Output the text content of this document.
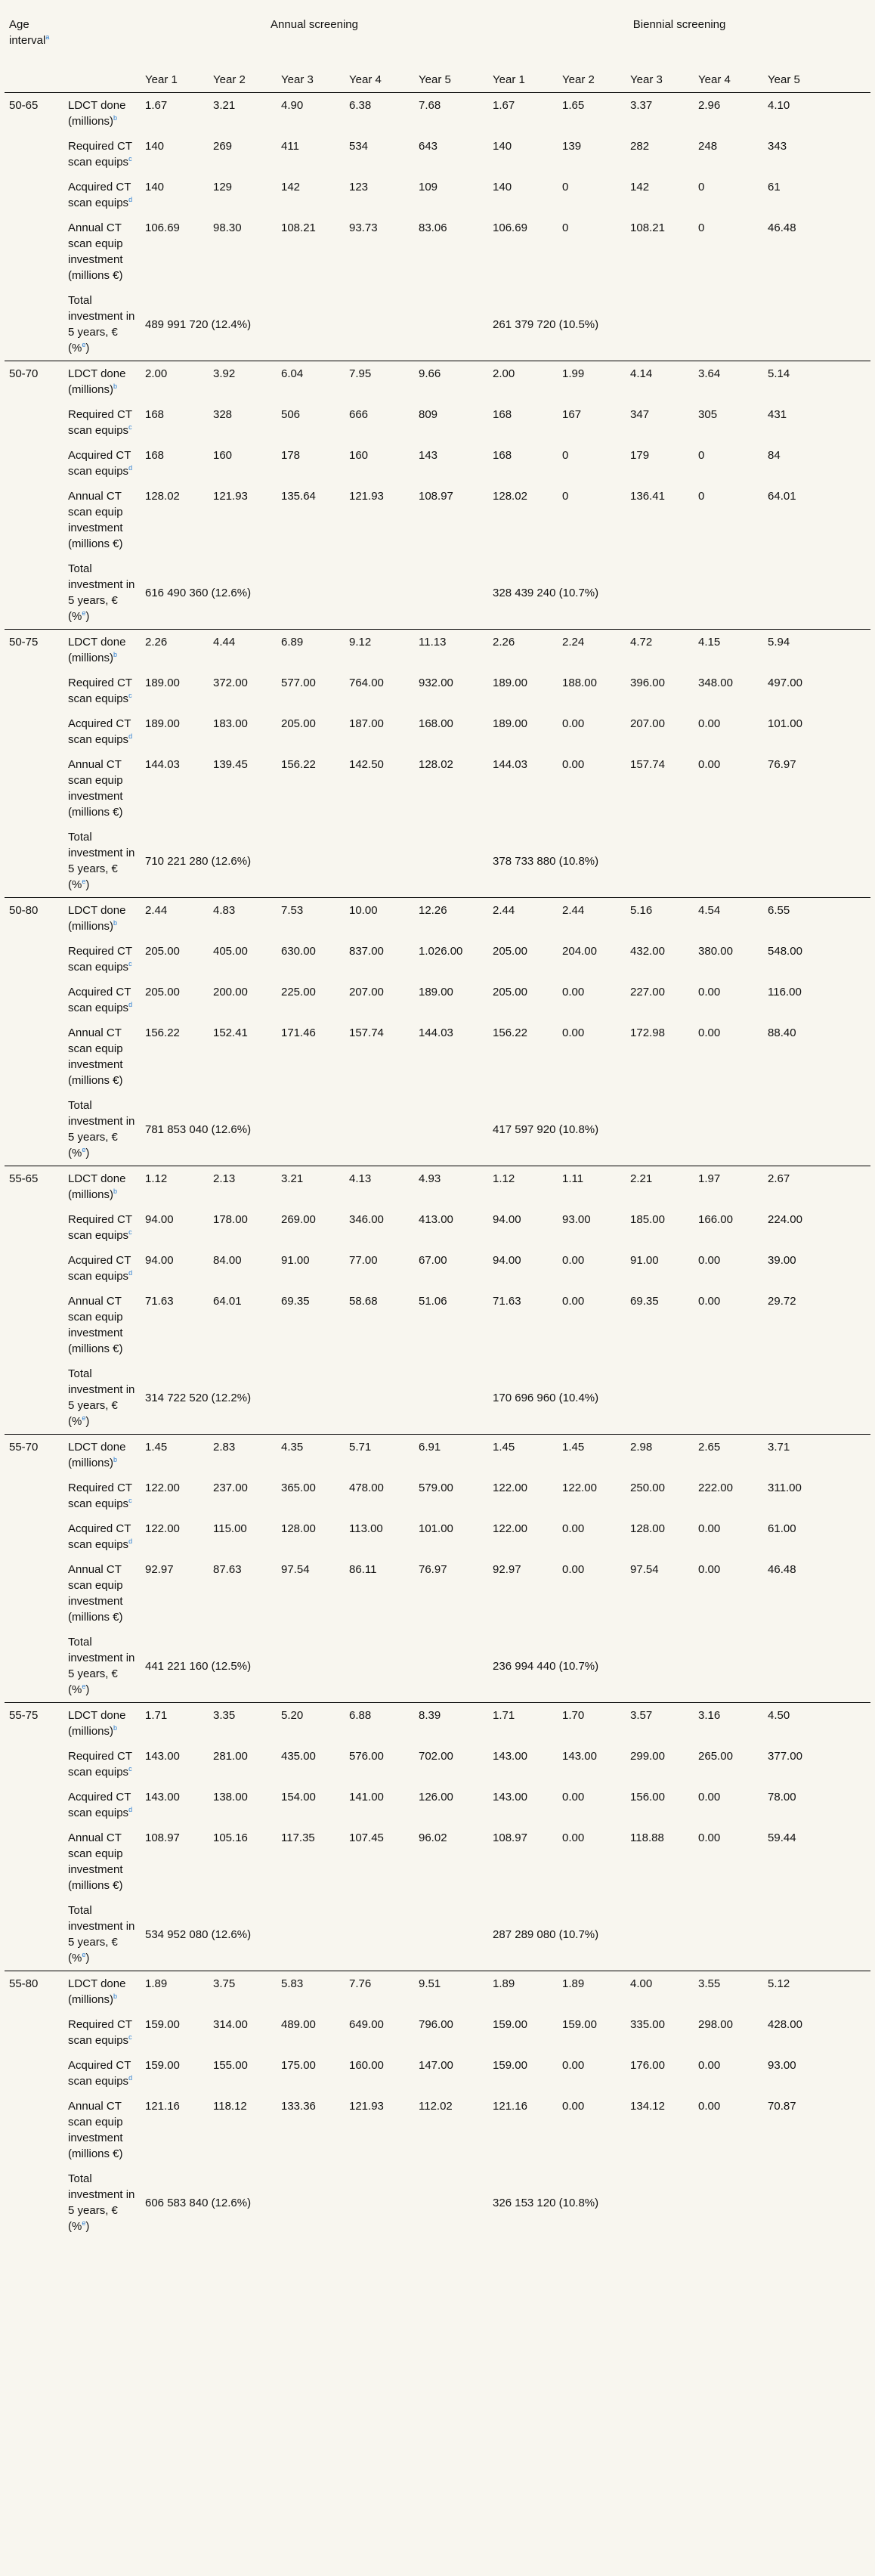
Age interval$^a$		Annual screening					Biennial screening				
		Year 1	Year 2	Year 3	Year 4	Year 5	Year 1	Year 2	Year 3	Year 4	Year 5
50-65	LDCT done (millions)$^b$	1.67	3.21	4.90	6.38	7.68	1.67	1.65	3.37	2.96	4.10
	Required CT scan equips$^c$	140	269	411	534	643	140	139	282	248	343
	Acquired CT scan equips$^d$	140	129	142	123	109	140	0	142	0	61
	Annual CT scan equip investment (millions €)	106.69	98.30	108.21	93.73	83.06	106.69	0	108.21	0	46.48
	Total investment in 5 years, € (%$^e$)	489 991 720 (12.4%)					261 379 720 (10.5%)				
50-70	LDCT done (millions)$^b$	2.00	3.92	6.04	7.95	9.66	2.00	1.99	4.14	3.64	5.14
	Required CT scan equips$^c$	168	328	506	666	809	168	167	347	305	431
	Acquired CT scan equips$^d$	168	160	178	160	143	168	0	179	0	84
	Annual CT scan equip investment (millions €)	128.02	121.93	135.64	121.93	108.97	128.02	0	136.41	0	64.01
	Total investment in 5 years, € (%$^e$)	616 490 360 (12.6%)					328 439 240 (10.7%)				
50-75	LDCT done (millions)$^b$	2.26	4.44	6.89	9.12	11.13	2.26	2.24	4.72	4.15	5.94
	Required CT scan equips$^c$	189.00	372.00	577.00	764.00	932.00	189.00	188.00	396.00	348.00	497.00
	Acquired CT scan equips$^d$	189.00	183.00	205.00	187.00	168.00	189.00	0.00	207.00	0.00	101.00
	Annual CT scan equip investment (millions €)	144.03	139.45	156.22	142.50	128.02	144.03	0.00	157.74	0.00	76.97
	Total investment in 5 years, € (%$^e$)	710 221 280 (12.6%)					378 733 880 (10.8%)				
50-80	LDCT done (millions)$^b$	2.44	4.83	7.53	10.00	12.26	2.44	2.44	5.16	4.54	6.55
	Required CT scan equips$^c$	205.00	405.00	630.00	837.00	1.026.00	205.00	204.00	432.00	380.00	548.00
	Acquired CT scan equips$^d$	205.00	200.00	225.00	207.00	189.00	205.00	0.00	227.00	0.00	116.00
	Annual CT scan equip investment (millions €)	156.22	152.41	171.46	157.74	144.03	156.22	0.00	172.98	0.00	88.40
	Total investment in 5 years, € (%$^e$)	781 853 040 (12.6%)					417 597 920 (10.8%)				
55-65	LDCT done (millions)$^b$	1.12	2.13	3.21	4.13	4.93	1.12	1.11	2.21	1.97	2.67
	Required CT scan equips$^c$	94.00	178.00	269.00	346.00	413.00	94.00	93.00	185.00	166.00	224.00
	Acquired CT scan equips$^d$	94.00	84.00	91.00	77.00	67.00	94.00	0.00	91.00	0.00	39.00
	Annual CT scan equip investment (millions €)	71.63	64.01	69.35	58.68	51.06	71.63	0.00	69.35	0.00	29.72
	Total investment in 5 years, € (%$^e$)	314 722 520 (12.2%)					170 696 960 (10.4%)				
55-70	LDCT done (millions)$^b$	1.45	2.83	4.35	5.71	6.91	1.45	1.45	2.98	2.65	3.71
	Required CT scan equips$^c$	122.00	237.00	365.00	478.00	579.00	122.00	122.00	250.00	222.00	311.00
	Acquired CT scan equips$^d$	122.00	115.00	128.00	113.00	101.00	122.00	0.00	128.00	0.00	61.00
	Annual CT scan equip investment (millions €)	92.97	87.63	97.54	86.11	76.97	92.97	0.00	97.54	0.00	46.48
	Total investment in 5 years, € (%$^e$)	441 221 160 (12.5%)					236 994 440 (10.7%)				
55-75	LDCT done (millions)$^b$	1.71	3.35	5.20	6.88	8.39	1.71	1.70	3.57	3.16	4.50
	Required CT scan equips$^c$	143.00	281.00	435.00	576.00	702.00	143.00	143.00	299.00	265.00	377.00
	Acquired CT scan equips$^d$	143.00	138.00	154.00	141.00	126.00	143.00	0.00	156.00	0.00	78.00
	Annual CT scan equip investment (millions €)	108.97	105.16	117.35	107.45	96.02	108.97	0.00	118.88	0.00	59.44
	Total investment in 5 years, € (%$^e$)	534 952 080 (12.6%)					287 289 080 (10.7%)				
55-80	LDCT done (millions)$^b$	1.89	3.75	5.83	7.76	9.51	1.89	1.89	4.00	3.55	5.12
	Required CT scan equips$^c$	159.00	314.00	489.00	649.00	796.00	159.00	159.00	335.00	298.00	428.00
	Acquired CT scan equips$^d$	159.00	155.00	175.00	160.00	147.00	159.00	0.00	176.00	0.00	93.00
	Annual CT scan equip investment (millions €)	121.16	118.12	133.36	121.93	112.02	121.16	0.00	134.12	0.00	70.87
	Total investment in 5 years, € (%$^e$)	606 583 840 (12.6%)					326 153 120 (10.8%)				
